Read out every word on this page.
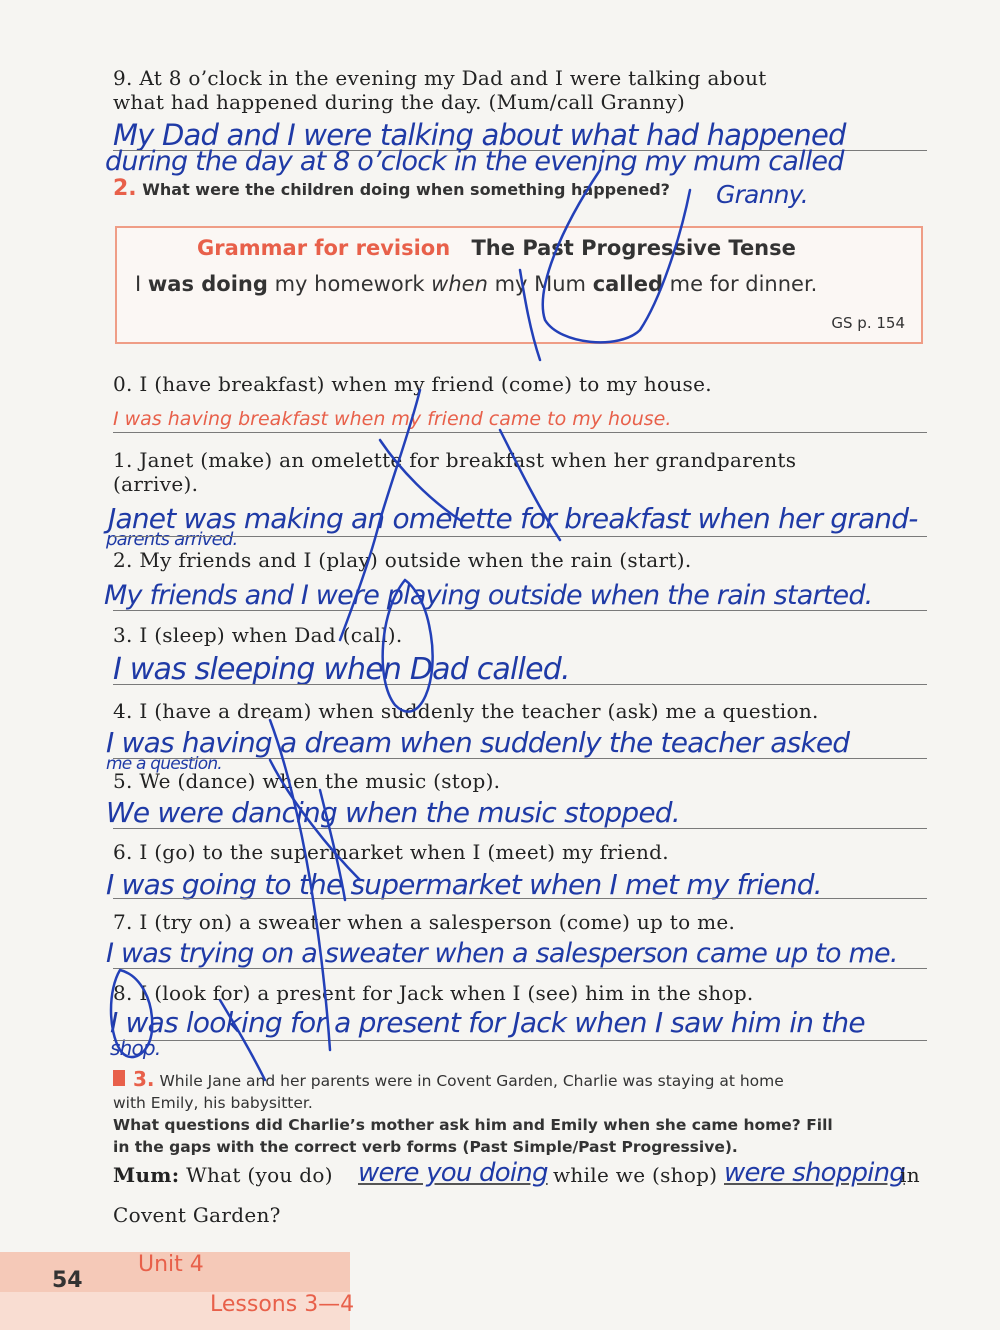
9. At 8 o’clock in the evening my Dad and I were talking about
what had happened during the day. (Mum/call Granny)
My Dad and I were talking about what had happened
during the day at 8 o’clock in the evening my mum called
Granny.
2. What were the children doing when something happened?
Grammar for revision The Past Progressive Tense
I was doing my homework when my Mum called me for dinner.
GS p. 154
0. I (have breakfast) when my friend (come) to my house.
I was having breakfast when my friend came to my house.
1. Janet (make) an omelette for breakfast when her grandparents
(arrive).
Janet was making an omelette for breakfast when her grand-
parents arrived.
2. My friends and I (play) outside when the rain (start).
My friends and I were playing outside when the rain started.
3. I (sleep) when Dad (call).
I was sleeping when Dad called.
4. I (have a dream) when suddenly the teacher (ask) me a question.
I was having a dream when suddenly the teacher asked
me a question.
5. We (dance) when the music (stop).
We were dancing when the music stopped.
6. I (go) to the supermarket when I (meet) my friend.
I was going to the supermarket when I met my friend.
7. I (try on) a sweater when a salesperson (come) up to me.
I was trying on a sweater when a salesperson came up to me.
8. I (look for) a present for Jack when I (see) him in the shop.
I was looking for a present for Jack when I saw him in the
shop.
3. While Jane and her parents were in Covent Garden, Charlie was staying at home
with Emily, his babysitter.
What questions did Charlie’s mother ask him and Emily when she came home? Fill
in the gaps with the correct verb forms (Past Simple/Past Progressive).
Mum: What (you do) were you doing while we (shop) were shopping
in
Covent Garden?
54
Unit 4
Lessons 3—4
